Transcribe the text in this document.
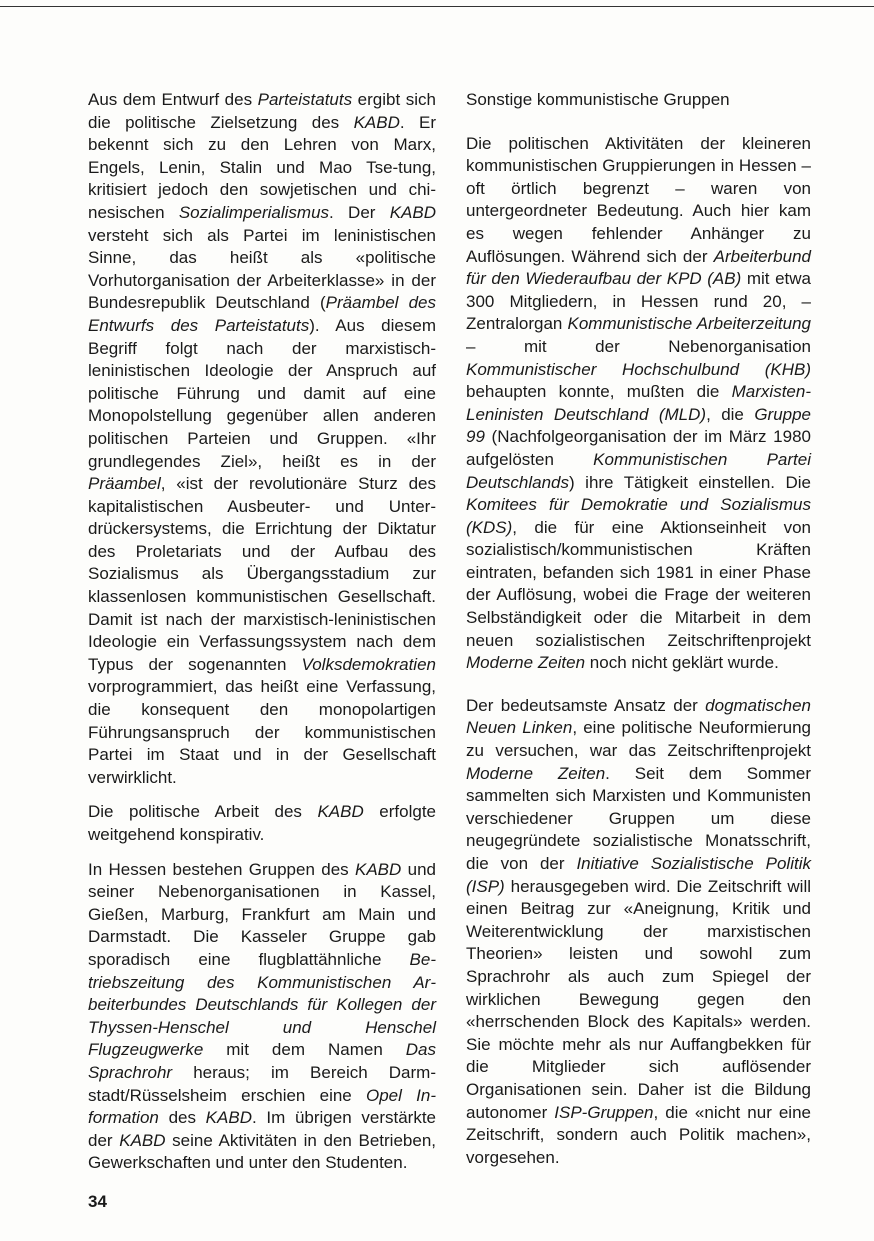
Aus dem Entwurf des Parteistatuts ergibt sich die politische Zielsetzung des KABD. Er bekennt sich zu den Lehren von Marx, Engels, Lenin, Stalin und Mao Tse-tung, kritisiert jedoch den sowjetischen und chinesischen Sozialimperialismus. Der KABD versteht sich als Partei im leninistischen Sinne, das heißt als «politische Vorhutorganisation der Arbeiterklasse» in der Bundesrepublik Deutschland (Präambel des Entwurfs des Parteistatuts). Aus diesem Begriff folgt nach der marxistisch-leninistischen Ideologie der Anspruch auf politische Führung und damit auf eine Monopolstellung gegenüber allen anderen politischen Parteien und Gruppen. «Ihr grundlegendes Ziel», heißt es in der Präambel, «ist der revolutionäre Sturz des kapitalistischen Ausbeuter- und Unterdrückersystems, die Errichtung der Diktatur des Proletariats und der Aufbau des Sozialismus als Übergangsstadium zur klassenlosen kommunistischen Gesellschaft. Damit ist nach der marxistisch-leninistischen Ideologie ein Verfassungssystem nach dem Typus der sogenannten Volksdemokratien vorprogrammiert, das heißt eine Verfassung, die konsequent den monopolartigen Führungsanspruch der kommunistischen Partei im Staat und in der Gesellschaft verwirklicht.

Die politische Arbeit des KABD erfolgte weitgehend konspirativ.

In Hessen bestehen Gruppen des KABD und seiner Nebenorganisationen in Kassel, Gießen, Marburg, Frankfurt am Main und Darmstadt. Die Kasseler Gruppe gab sporadisch eine flugblattähnliche Betriebszeitung des Kommunistischen Arbeiterbundes Deutschlands für Kollegen der Thyssen-Henschel und Henschel Flugzeugwerke mit dem Namen Das Sprachrohr heraus; im Bereich Darmstadt/Rüsselsheim erschien eine Opel Information des KABD. Im übrigen verstärkte der KABD seine Aktivitäten in den Betrieben, Gewerkschaften und unter den Studenten.

Sonstige kommunistische Gruppen

Die politischen Aktivitäten der kleineren kommunistischen Gruppierungen in Hessen – oft örtlich begrenzt – waren von untergeordneter Bedeutung. Auch hier kam es wegen fehlender Anhänger zu Auflösungen. Während sich der Arbeiterbund für den Wiederaufbau der KPD (AB) mit etwa 300 Mitgliedern, in Hessen rund 20, – Zentralorgan Kommunistische Arbeiterzeitung – mit der Nebenorganisation Kommunistischer Hochschulbund (KHB) behaupten konnte, mußten die Marxisten-Leninisten Deutschland (MLD), die Gruppe 99 (Nachfolgeorganisation der im März 1980 aufgelösten Kommunistischen Partei Deutschlands) ihre Tätigkeit einstellen. Die Komitees für Demokratie und Sozialismus (KDS), die für eine Aktionseinheit von sozialistisch/kommunistischen Kräften eintraten, befanden sich 1981 in einer Phase der Auflösung, wobei die Frage der weiteren Selbständigkeit oder die Mitarbeit in dem neuen sozialistischen Zeitschriftenprojekt Moderne Zeiten noch nicht geklärt wurde.

Der bedeutsamste Ansatz der dogmatischen Neuen Linken, eine politische Neuformierung zu versuchen, war das Zeitschriftenprojekt Moderne Zeiten. Seit dem Sommer sammelten sich Marxisten und Kommunisten verschiedener Gruppen um diese neugegründete sozialistische Monatsschrift, die von der Initiative Sozialistische Politik (ISP) herausgegeben wird. Die Zeitschrift will einen Beitrag zur «Aneignung, Kritik und Weiterentwicklung der marxistischen Theorien» leisten und sowohl zum Sprachrohr als auch zum Spiegel der wirklichen Bewegung gegen den «herrschenden Block des Kapitals» werden. Sie möchte mehr als nur Auffangbekken für die Mitglieder sich auflösender Organisationen sein. Daher ist die Bildung autonomer ISP-Gruppen, die «nicht nur eine Zeitschrift, sondern auch Politik machen», vorgesehen.

34
